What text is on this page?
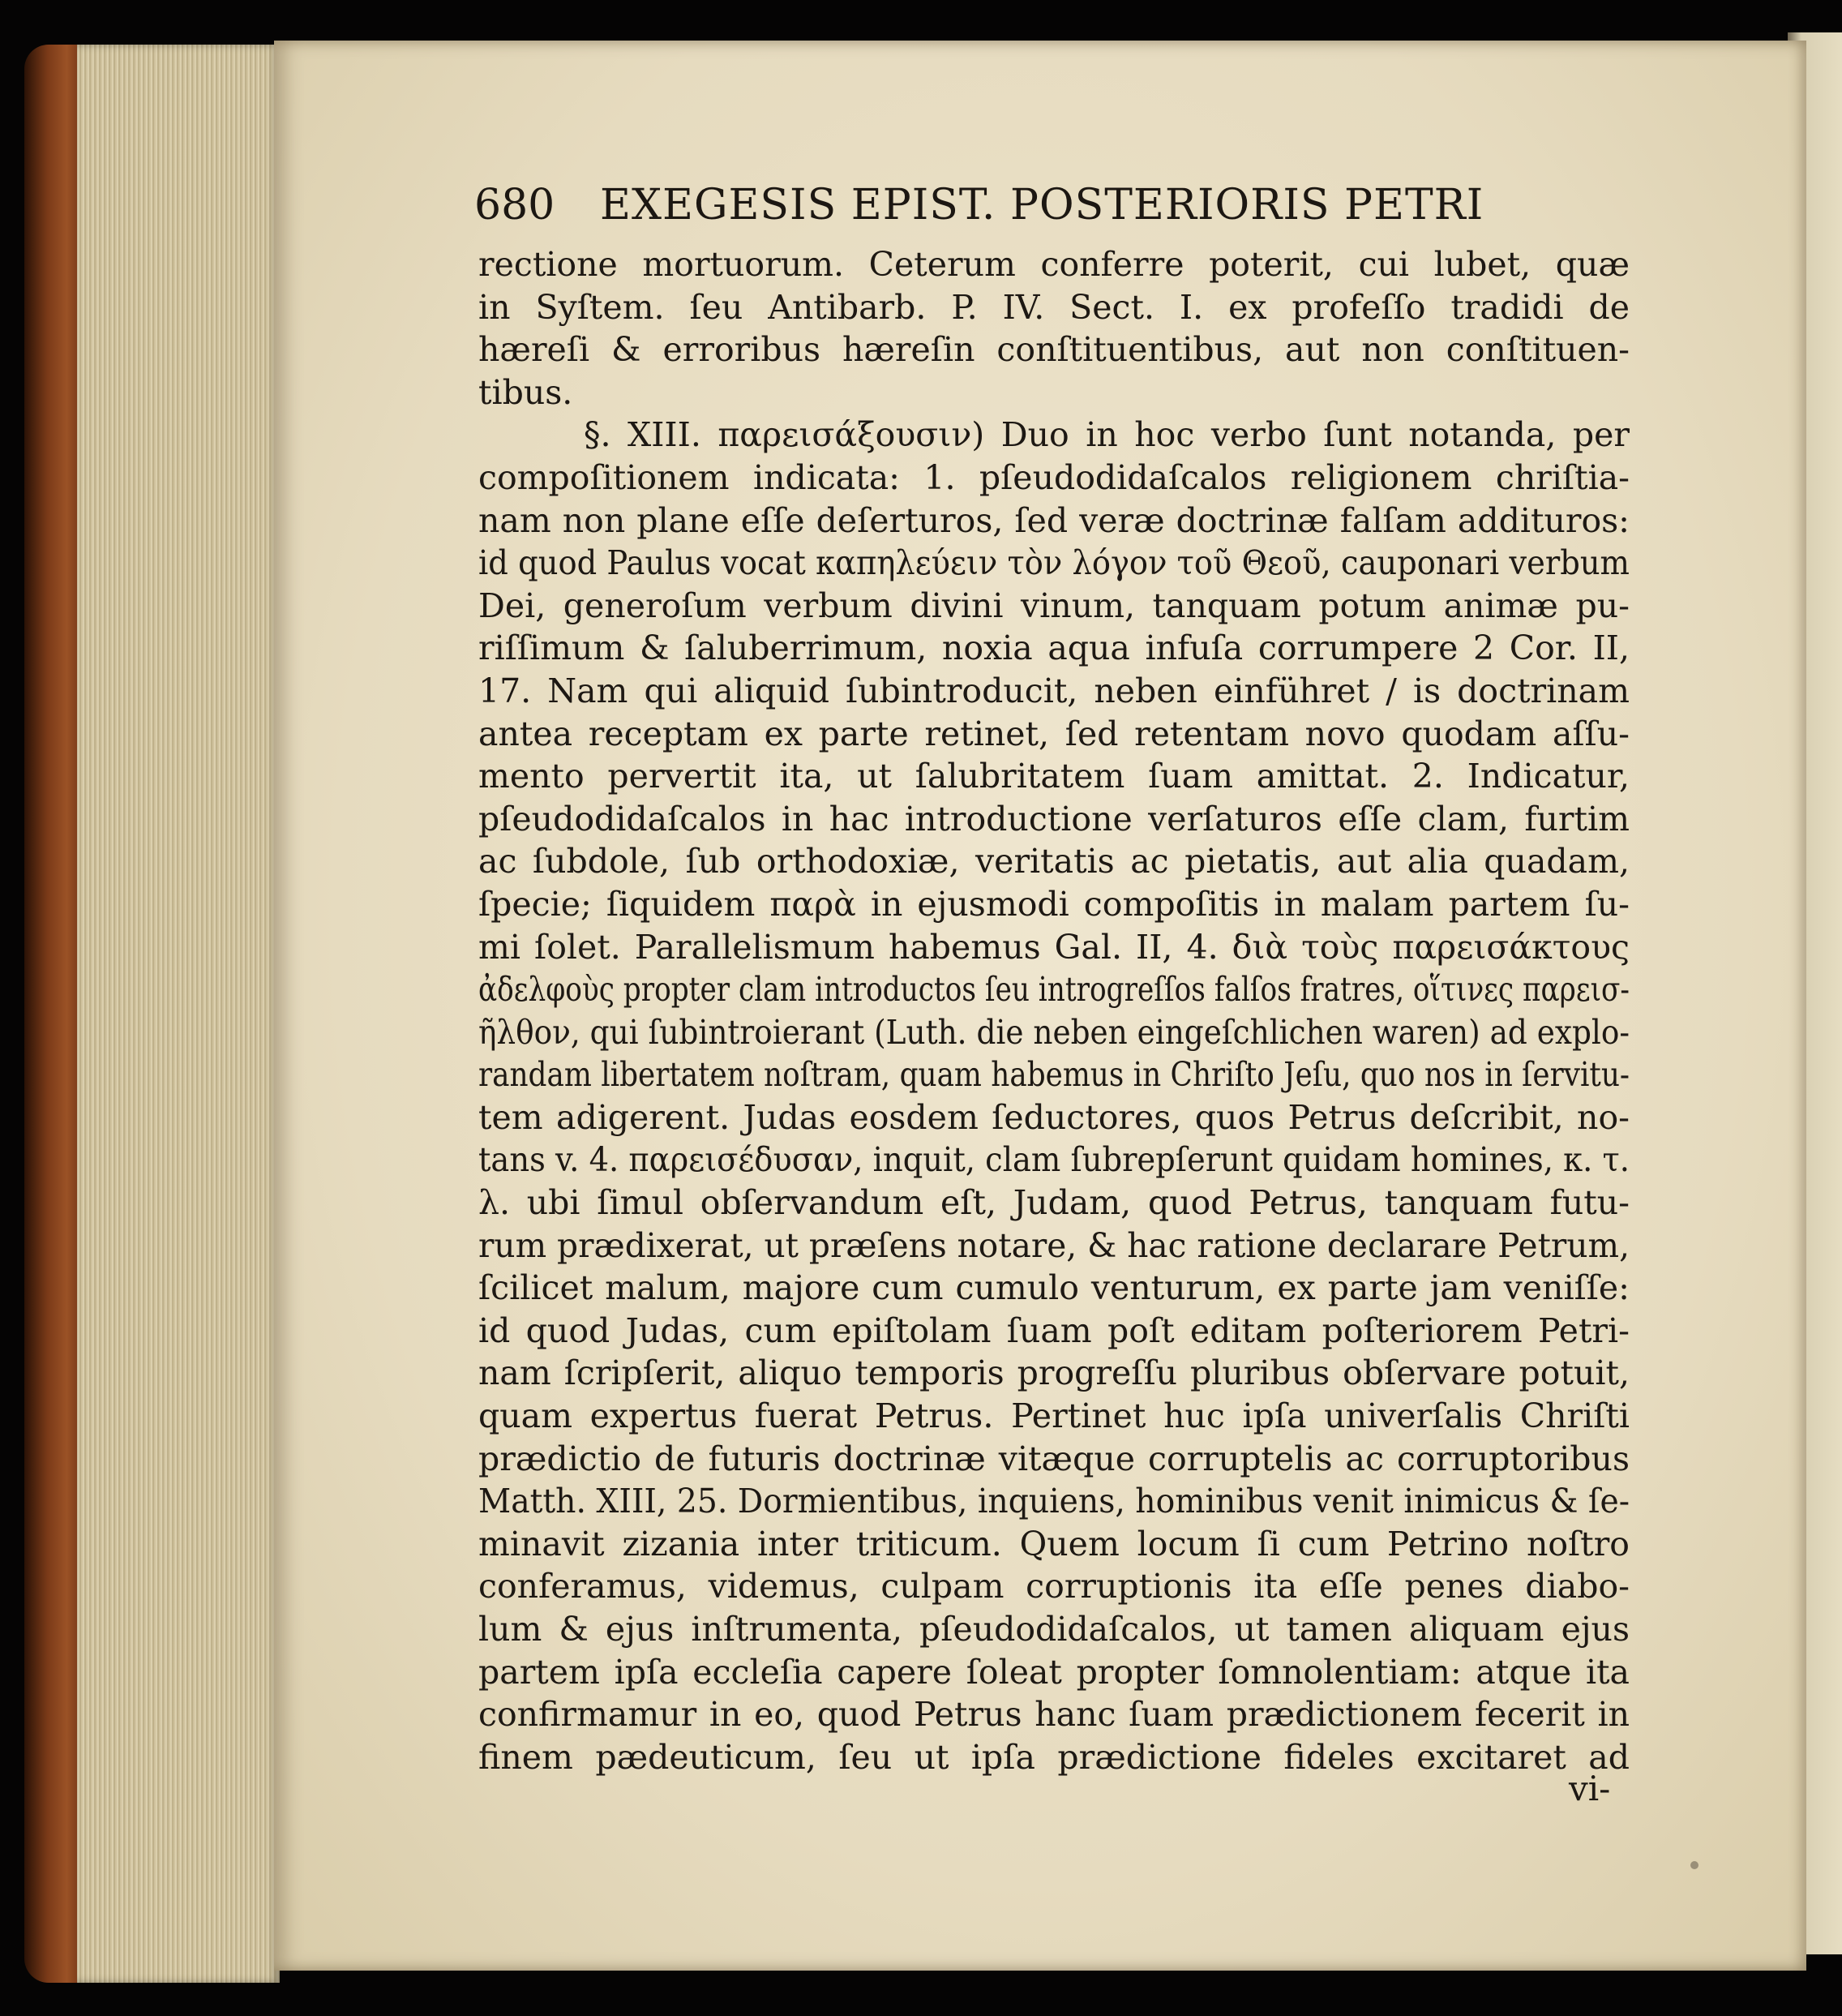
680 EXEGESIS EPIST. POSTERIORIS PETRI
rectione mortuorum. Ceterum conferre poterit, cui lubet, quæ
in Syſtem. ſeu Antibarb. P. IV. Sect. I. ex profeſſo tradidi de
hæreſi & erroribus hæreſin conſtituentibus, aut non conſtituen-
tibus.
§. XIII. παρεισάξουσιν) Duo in hoc verbo ſunt notanda, per
compoſitionem indicata: 1. pſeudodidaſcalos religionem chriſtia-
nam non plane eſſe deſerturos, ſed veræ doctrinæ falſam addituros:
id quod Paulus vocat καπηλεύειν τὸν λόγον τοῦ Θεοῦ, cauponari verbum
Dei, generoſum verbum divini vinum, tanquam potum animæ pu-
riſſimum & ſaluberrimum, noxia aqua infuſa corrumpere 2 Cor. II,
17. Nam qui aliquid ſubintroducit, neben einführet / is doctrinam
antea receptam ex parte retinet, ſed retentam novo quodam aſſu-
mento pervertit ita, ut ſalubritatem ſuam amittat. 2. Indicatur,
pſeudodidaſcalos in hac introductione verſaturos eſſe clam, furtim
ac ſubdole, ſub orthodoxiæ, veritatis ac pietatis, aut alia quadam,
ſpecie; ſiquidem παρὰ in ejusmodi compoſitis in malam partem ſu-
mi ſolet. Parallelismum habemus Gal. II, 4. διὰ τοὺς παρεισάκτους
ἀδελφοὺς propter clam introductos ſeu introgreſſos falſos fratres, οἵτινες παρεισ-
ῆλθον, qui ſubintroierant (Luth. die neben eingeſchlichen waren) ad explo-
randam libertatem noſtram, quam habemus in Chriſto Jeſu, quo nos in ſervitu-
tem adigerent. Judas eosdem ſeductores, quos Petrus deſcribit, no-
tans v. 4. παρεισέδυσαν, inquit, clam ſubrepſerunt quidam homines, κ. τ.
λ. ubi ſimul obſervandum eſt, Judam, quod Petrus, tanquam futu-
rum prædixerat, ut præſens notare, & hac ratione declarare Petrum,
ſcilicet malum, majore cum cumulo venturum, ex parte jam veniſſe:
id quod Judas, cum epiſtolam ſuam poſt editam poſteriorem Petri-
nam ſcripſerit, aliquo temporis progreſſu pluribus obſervare potuit,
quam expertus fuerat Petrus. Pertinet huc ipſa univerſalis Chriſti
prædictio de futuris doctrinæ vitæque corruptelis ac corruptoribus
Matth. XIII, 25. Dormientibus, inquiens, hominibus venit inimicus & ſe-
minavit zizania inter triticum. Quem locum ſi cum Petrino noſtro
conferamus, videmus, culpam corruptionis ita eſſe penes diabo-
lum & ejus inſtrumenta, pſeudodidaſcalos, ut tamen aliquam ejus
partem ipſa eccleſia capere ſoleat propter ſomnolentiam: atque ita
confirmamur in eo, quod Petrus hanc ſuam prædictionem fecerit in
finem pædeuticum, ſeu ut ipſa prædictione fideles excitaret ad
vi-
